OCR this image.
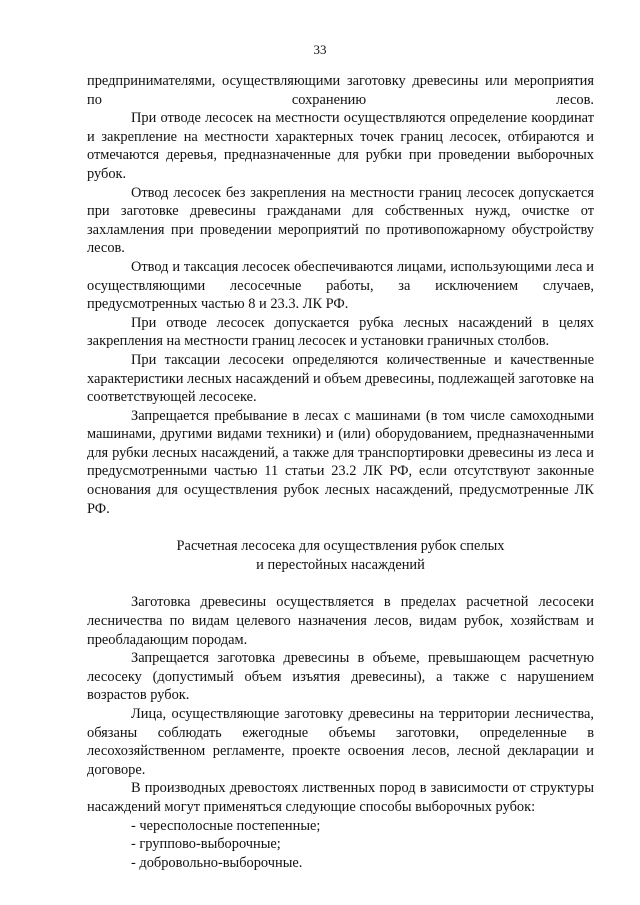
33

предпринимателями, осуществляющими заготовку древесины или мероприятия по сохранению лесов.

При отводе лесосек на местности осуществляются определение координат и закрепление на местности характерных точек границ лесосек, отбираются и отмечаются деревья, предназначенные для рубки при проведении выборочных рубок.

Отвод лесосек без закрепления на местности границ лесосек допускается при заготовке древесины гражданами для собственных нужд, очистке от захламления при проведении мероприятий по противопожарному обустройству лесов.

Отвод и таксация лесосек обеспечиваются лицами, использующими леса и осуществляющими лесосечные работы, за исключением случаев, предусмотренных частью 8 и 23.3. ЛК РФ.

При отводе лесосек допускается рубка лесных насаждений в целях закрепления на местности границ лесосек и установки граничных столбов.

При таксации лесосеки определяются количественные и качественные характеристики лесных насаждений и объем древесины, подлежащей заготовке на соответствующей лесосеке.

Запрещается пребывание в лесах с машинами (в том числе самоходными машинами, другими видами техники) и (или) оборудованием, предназначенными для рубки лесных насаждений, а также для транспортировки древесины из леса и предусмотренными частью 11 статьи 23.2 ЛК РФ, если отсутствуют законные основания для осуществления рубок лесных насаждений, предусмотренные ЛК РФ.

Расчетная лесосека для осуществления рубок спелых

и перестойных насаждений

Заготовка древесины осуществляется в пределах расчетной лесосеки лесничества по видам целевого назначения лесов, видам рубок, хозяйствам и преобладающим породам.

Запрещается заготовка древесины в объеме, превышающем расчетную лесосеку (допустимый объем изъятия древесины), а также с нарушением возрастов рубок.

Лица, осуществляющие заготовку древесины на территории лесничества, обязаны соблюдать ежегодные объемы заготовки, определенные в лесохозяйственном регламенте, проекте освоения лесов, лесной декларации и договоре.

В производных древостоях лиственных пород в зависимости от структуры насаждений могут применяться следующие способы выборочных рубок:

- чересполосные постепенные;

- группово-выборочные;

- добровольно-выборочные.
